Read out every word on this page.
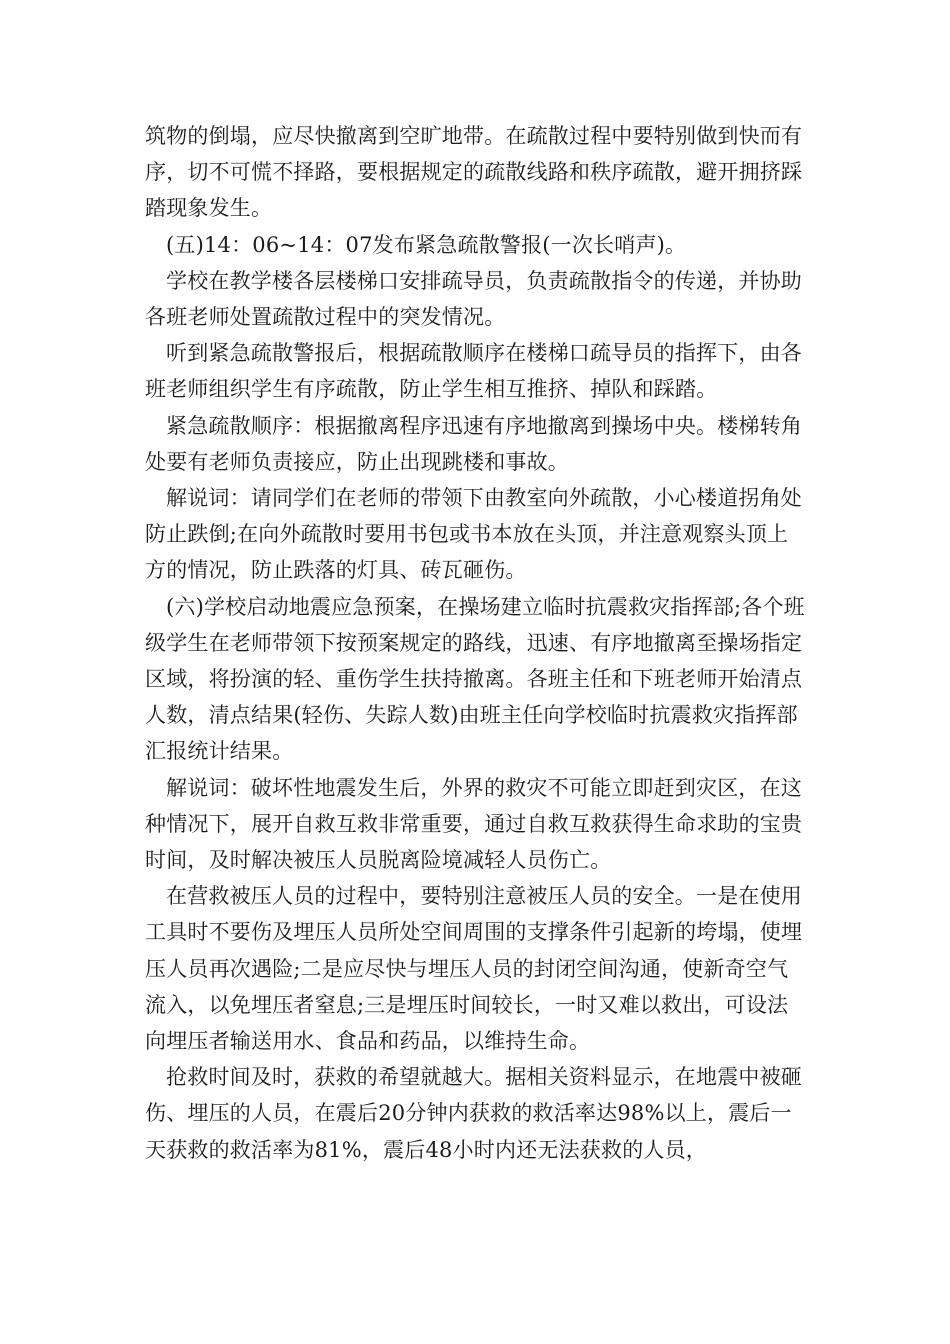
筑物的倒塌，应尽快撤离到空旷地带。在疏散过程中要特别做到快而有序，切不可慌不择路，要根据规定的疏散线路和秩序疏散，避开拥挤踩踏现象发生。

(五)14：06~14：07发布紧急疏散警报(一次长哨声)。

学校在教学楼各层楼梯口安排疏导员，负责疏散指令的传递，并协助各班老师处置疏散过程中的突发情况。

听到紧急疏散警报后，根据疏散顺序在楼梯口疏导员的指挥下，由各班老师组织学生有序疏散，防止学生相互推挤、掉队和踩踏。

紧急疏散顺序：根据撤离程序迅速有序地撤离到操场中央。楼梯转角处要有老师负责接应，防止出现跳楼和事故。

解说词：请同学们在老师的带领下由教室向外疏散，小心楼道拐角处防止跌倒;在向外疏散时要用书包或书本放在头顶，并注意观察头顶上方的情况，防止跌落的灯具、砖瓦砸伤。

(六)学校启动地震应急预案，在操场建立临时抗震救灾指挥部;各个班级学生在老师带领下按预案规定的路线，迅速、有序地撤离至操场指定区域，将扮演的轻、重伤学生扶持撤离。各班主任和下班老师开始清点人数，清点结果(轻伤、失踪人数)由班主任向学校临时抗震救灾指挥部汇报统计结果。

解说词：破坏性地震发生后，外界的救灾不可能立即赶到灾区，在这种情况下，展开自救互救非常重要，通过自救互救获得生命求助的宝贵时间，及时解决被压人员脱离险境减轻人员伤亡。

在营救被压人员的过程中，要特别注意被压人员的安全。一是在使用工具时不要伤及埋压人员所处空间周围的支撑条件引起新的垮塌，使埋压人员再次遇险;二是应尽快与埋压人员的封闭空间沟通，使新奇空气流入，以免埋压者窒息;三是埋压时间较长，一时又难以救出，可设法向埋压者输送用水、食品和药品，以维持生命。

抢救时间及时，获救的希望就越大。据相关资料显示，在地震中被砸伤、埋压的人员，在震后20分钟内获救的救活率达98%以上，震后一天获救的救活率为81%，震后48小时内还无法获救的人员，
